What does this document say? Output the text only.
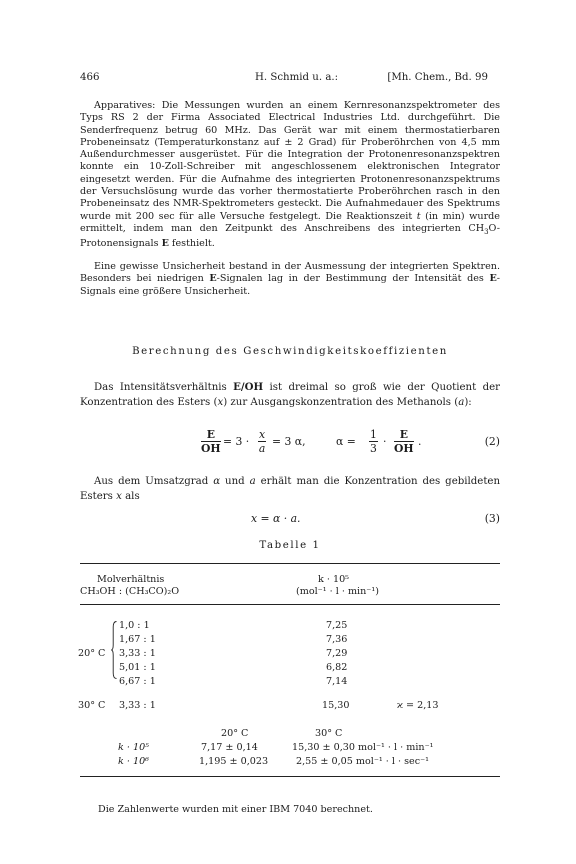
466	H. Schmid u. a.:	[Mh. Chem., Bd. 99

Apparatives: Die Messungen wurden an einem Kernresonanzspektrometer des Typs RS 2 der Firma Associated Electrical Industries Ltd. durchgeführt. Die Senderfrequenz betrug 60 MHz. Das Gerät war mit einem thermostatierbaren Probeneinsatz (Temperaturkonstanz auf ± 2 Grad) für Proberöhrchen von 4,5 mm Außendurchmesser ausgerüstet. Für die Integration der Protonenresonanzspektren konnte ein 10-Zoll-Schreiber mit angeschlossenem elektronischen Integrator eingesetzt werden. Für die Aufnahme des integrierten Protonenresonanzspektrums der Versuchslösung wurde das vorher thermostatierte Proberöhrchen rasch in den Probeneinsatz des NMR-Spektrometers gesteckt. Die Aufnahmedauer des Spektrums wurde mit 200 sec für alle Versuche festgelegt. Die Reaktionszeit t (in min) wurde ermittelt, indem man den Zeitpunkt des Anschreibens des integrierten $CH_3O$-Protonensignals E festhielt.

Eine gewisse Unsicherheit bestand in der Ausmessung der integrierten Spektren. Besonders bei niedrigen E-Signalen lag in der Bestimmung der Intensität des E-Signals eine größere Unsicherheit.

Berechnung des Geschwindigkeitskoeffizienten

Das Intensitätsverhältnis E/OH ist dreimal so groß wie der Quotient der Konzentration des Esters (x) zur Ausgangskonzentration des Methanols (a):

$\frac{E}{OH} = 3 \cdot \frac{x}{a} = 3$ α,	$\alpha = \frac{1}{3} \cdot \frac{E}{OH}$ .	(2)

Aus dem Umsatzgrad α und a erhält man die Konzentration des gebildeten Esters x als

x = α · a.	(3)
Tabelle 1
Molverhältnis
CH₃OH : (CH₃CO)₂O
k · 10⁵
(mol⁻¹ · l · min⁻¹)
20° C
1,0 : 1	7,25
1,67 : 1	7,36
3,33 : 1	7,29
5,01 : 1	6,82
6,67 : 1	7,14
30° C 3,33 : 1	15,30	ϰ = 2,13
20° C	30° C
k · 10⁵	7,17 ± 0,14	15,30 ± 0,30 mol⁻¹ · l · min⁻¹
k · 10⁶	1,195 ± 0,023	2,55 ± 0,05 mol⁻¹ · l · sec⁻¹
Die Zahlenwerte wurden mit einer IBM 7040 berechnet.
